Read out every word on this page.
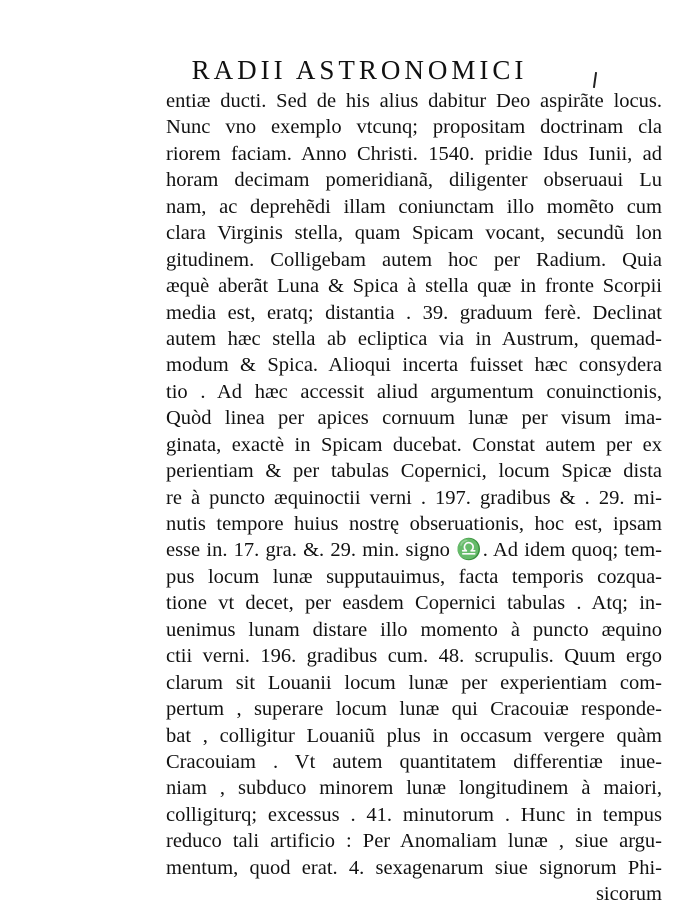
RADII ASTRONOMICI
entiæ ducti. Sed de his alius dabitur Deo aspirãte locus.
Nunc vno exemplo vtcunq; propositam doctrinam cla
riorem faciam. Anno Christi. 1540. pridie Idus Iunii, ad
horam decimam pomeridianã, diligenter obseruaui Lu
nam, ac deprehẽdi illam coniunctam illo momẽto cum
clara Virginis stella, quam Spicam vocant, secundũ lon
gitudinem. Colligebam autem hoc per Radium. Quia
æquè aberãt Luna & Spica à stella quæ in fronte Scorpii
media est, eratq; distantia . 39. graduum ferè. Declinat
autem hæc stella ab ecliptica via in Austrum, quemad-
modum & Spica. Alioqui incerta fuisset hæc consydera
tio . Ad hæc accessit aliud argumentum conuinctionis,
Quòd linea per apices cornuum lunæ per visum ima-
ginata, exactè in Spicam ducebat. Constat autem per ex
perientiam & per tabulas Copernici, locum Spicæ dista
re à puncto æquinoctii verni . 197. gradibus & . 29. mi-
nutis tempore huius nostrę obseruationis, hoc est, ipsam
esse in. 17. gra. &. 29. min. signo ♎. Ad idem quoq; tem-
pus locum lunæ supputauimus, facta temporis cozqua-
tione vt decet, per easdem Copernici tabulas . Atq; in-
uenimus lunam distare illo momento à puncto æquino
ctii verni. 196. gradibus cum. 48. scrupulis. Quum ergo
clarum sit Louanii locum lunæ per experientiam com-
pertum , superare locum lunæ qui Cracouiæ responde-
bat , colligitur Louaniũ plus in occasum vergere quàm
Cracouiam . Vt autem quantitatem differentiæ inue-
niam , subduco minorem lunæ longitudinem à maiori,
colligiturq; excessus . 41. minutorum . Hunc in tempus
reduco tali artificio : Per Anomaliam lunæ , siue argu-
mentum, quod erat. 4. sexagenarum siue signorum Phi-
sicorum
